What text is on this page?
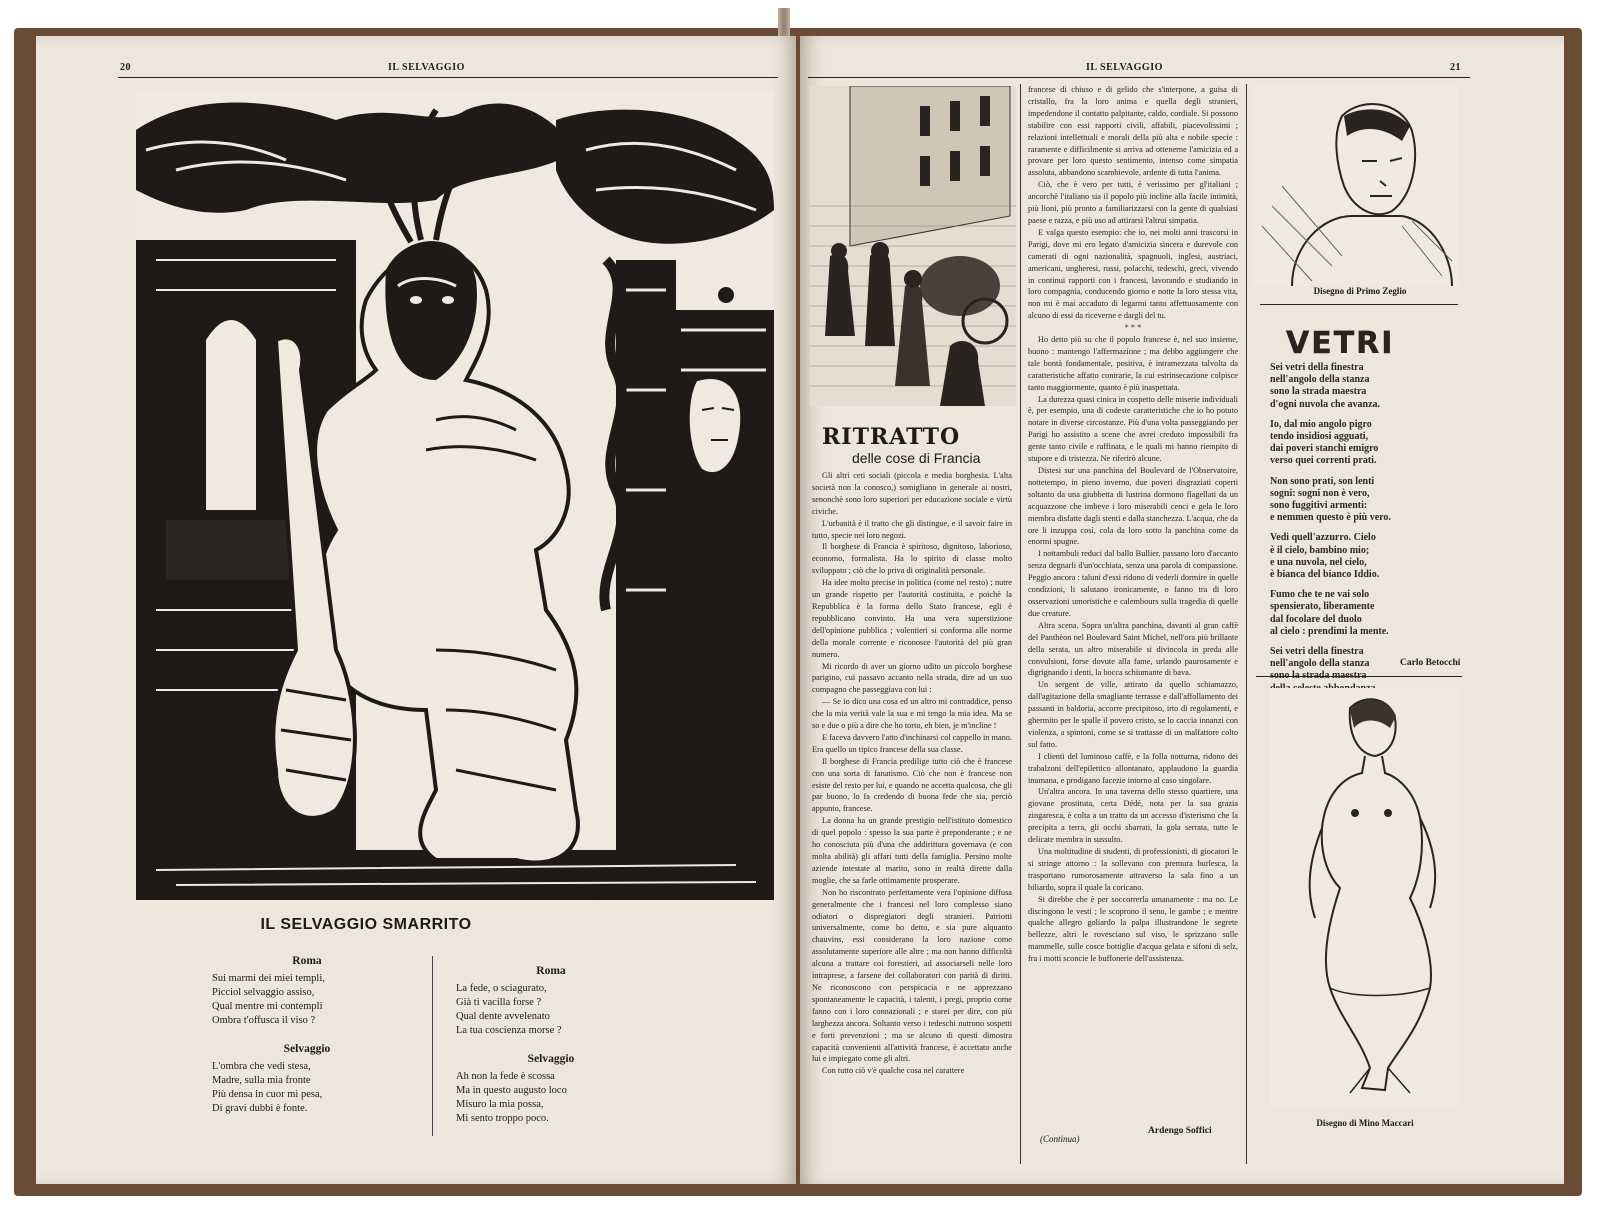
20	IL SELVAGGIO
R
Linoleum di Enzo Righetti
IL SELVAGGIO SMARRITO
Roma
Sui marmi dei miei templi,
Picciol selvaggio assiso,
Qual mentre mi contempli
Ombra t'offusca il viso ?
Selvaggio
L'ombra che vedi stesa,
Madre, sulla mia fronte
Più densa in cuor mi pesa,
Di gravi dubbi è fonte.
Roma
La fede, o sciagurato,
Già ti vacilla forse ?
Qual dente avvelenato
La tua coscienza morse ?
Selvaggio
Ah non la fede è scossa
Ma in questo augusto loco
Misuro la mia possa,
Mi sento troppo poco.
IL SELVAGGIO	21
RITRATTO
delle cose di Francia

Gli altri ceti sociali (piccola e media borghesia. L'alta società non la conosco,) somigliano in generale ai nostri, senonchè sono loro superiori per educazione sociale e virtù civiche.

L'urbanità è il tratto che gli distingue, e il savoir faire in tutto, specie nei loro negozi.

Il borghese di Francia è spiritoso, dignitoso, laborioso, economo, formalista. Ha lo spirito di classe molto sviluppato ; ciò che lo priva di originalità personale.

Ha idee molto precise in politica (come nel resto) ; nutre un grande rispetto per l'autorità costituita, e poichè la Repubblica è la forma dello Stato francese, egli è repubblicano convinto. Ha una vera superstizione dell'opinione pubblica ; volentieri si conforma alle norme della morale corrente e riconosce l'autorità del più gran numero.

Mi ricordo di aver un giorno udito un piccolo borghese parigino, cui passavo accanto nella strada, dire ad un suo compagno che passeggiava con lui :

— Se io dico una cosa ed un altro mi contraddice, penso che la mia verità vale la sua e mi tengo la mia idea. Ma se so e due o più a dire che ho torto, eh bien, je m'incline !

E faceva davvero l'atto d'inchinarsi col cappello in mano. Era quello un tipico francese della sua classe.

Il borghese di Francia predilige tutto ciò che è francese con una sorta di fanatismo. Ciò che non è francese non esiste del resto per lui, e quando ne accetta qualcosa, che gli par buono, lo fa credendo di buona fede che sia, perciò appunto, francese.

La donna ha un grande prestigio nell'istituto domestico di quel popolo : spesso la sua parte è preponderante ; e ne ho conosciuta più d'una che addirittura governava (e con molta abilità) gli affari tutti della famiglia. Persino molte aziende intestate al marito, sono in realtà dirette dalla moglie, che sa farle ottimamente prosperare.

Non ho riscontrato perfettamente vera l'opinione diffusa generalmente che i francesi nel loro complesso siano odiatori o dispregiatori degli stranieri. Patriotti universalmente, come ho detto, e sia pure alquanto chauvins, essi considerano la loro nazione come assolutamente superiore alle altre ; ma non hanno difficoltà alcuna a trattare coi forestieri, ad associarseli nelle loro intraprese, a farsene dei collaboratori con parità di diritti. Ne riconoscono con perspicacia e ne apprezzano spontaneamente le capacità, i talenti, i pregi, proprio come fanno con i loro connazionali ; e starei per dire, con più larghezza ancora. Soltanto verso i tedeschi nutrono sospetti e forti prevenzioni ; ma se alcuno di questi dimostra capacità convenienti all'attività francese, è accettato anche lui e impiegato come gli altri.

Con tutto ciò v'è qualche cosa nel carattere

francese di chiuso e di gelido che s'interpone, a guisa di cristallo, fra la loro anima e quella degli stranieri, impedendone il contatto palpitante, caldo, cordiale. Si possono stabilire con essi rapporti civili, affabili, piacevolissimi ; relazioni intellettuali e morali della più alta e nobile specie : raramente e difficilmente si arriva ad ottenerne l'amicizia ed a provare per loro questo sentimento, intenso come simpatia assoluta, abbandono scambievole, ardente di tutta l'anima.

Ciò, che è vero per tutti, è verissimo per gl'italiani ; ancorchè l'italiano sia il popolo più incline alla facile intimità, più lioni, più pronto a familiarizzarsi con la gente di qualsiasi paese e razza, e più uso ad attirarsi l'altrui simpatia.

E valga questo esempio: che io, nei molti anni trascorsi in Parigi, dove mi ero legato d'amicizia sincera e durevole con camerati di ogni nazionalità, spagnuoli, inglesi, austriaci, americani, ungheresi, russi, polacchi, tedeschi, greci, vivendo in continui rapporti con i francesi, lavorando e studiando in loro compagnia, conducendo giorno e notte la loro stessa vita, non mi è mai accaduto di legarmi tanto affettuosamente con alcuno di essi da riceverne e dargli del tu.

* * *

Ho detto più su che il popolo francese è, nel suo insieme, buono : mantengo l'affermazione ; ma debbo aggiungere che tale bontà fondamentale, positiva, è intramezzata talvolta da caratteristiche affatto contrarie, la cui estrinsecazione colpisce tanto maggiormente, quanto è più inaspettata.

La durezza quasi cinica in cospetto delle miserie individuali è, per esempio, una di codeste caratteristiche che io ho potuto notare in diverse circostanze. Più d'una volta passeggiando per Parigi ho assistito a scene che avrei creduto impossibili fra gente tanto civile e raffinata, e le quali mi hanno riempito di stupore e di tristezza. Ne riferirò alcune.

Distesi sur una panchina del Boulevard de l'Observatoire, nottetempo, in pieno inverno, due poveri disgraziati coperti soltanto da una giubbetta di lustrina dormono flagellati da un acquazzone che imbeve i loro miserabili cenci e gela le loro membra disfatte dagli stenti e dalla stanchezza. L'acqua, che da ore li inzuppa così, cola da loro sotto la panchina come da enormi spugne.

I nottambuli reduci dal ballo Bullier, passano loro d'accanto senza degnarli d'un'occhiata, senza una parola di compassione. Peggio ancora : taluni d'essi ridono di vederli dormire in quelle condizioni, li salutano ironicamente, o fanno tra di loro osservazioni umoristiche e calembours sulla tragedia di quelle due creature.

Altra scena. Sopra un'altra panchina, davanti al gran caffè del Panthèon nel Boulevard Saint Michel, nell'ora più brillante della serata, un altro miserabile si divincola in preda alle convulsioni, forse dovute alla fame, urlando paurosamente e digrignando i denti, la bocca schiumante di bava.

Un sergent de ville, attirato da quello schiamazzo, dall'agitazione della smagliante terrasse e dall'affollamento dei passanti in baldoria, accorre precipitoso, irto di regolamenti, e ghermito per le spalle il povero cristo, se lo caccia innanzi con violenza, a spintoni, come se si trattasse di un malfattore colto sul fatto.

I clienti del luminoso caffè, e la folla notturna, ridono dei trabalzoni dell'epilettico allontanato, applaudono la guardia inumana, e prodigano facezie intorno al caso singolare.

Un'altra ancora. In una taverna dello stesso quartiere, una giovane prostituta, certa Dédé, nota per la sua grazia zingaresca, è colta a un tratto da un accesso d'isterismo che la precipita a terra, gli occhi sbarrati, la gola serrata, tutte le delicate membra in sussulto.

Una moltitudine di studenti, di professionisti, di giocatori le si stringe attorno : la sollevano con premura burlesca, la trasportano rumorosamente attraverso la sala fino a un biliardo, sopra il quale la coricano.

Si direbbe che è per soccorrerla umanamente : ma no. Le discingono le vesti ; le scoprono il seno, le gambe ; e mentre qualche allegro goliardo la palpa illustrandone le segrete bellezze, altri le rovesciano sul viso, le sprizzano sulle mammelle, sulle cosce bottiglie d'acqua gelata e sifoni di selz, fra i motti sconcie le buffonerie dell'assistenza.

(Continua)
Ardengo Soffici
Disegno di Primo Zeglio
VETRI
Sei vetri della finestra
nell'angolo della stanza
sono la strada maestra
d'ogni nuvola che avanza.
Io, dal mio angolo pigro
tendo insidiosi agguati,
dai poveri stanchi emigro
verso quei correnti prati.
Non sono prati, son lenti
sogni: sogni non è vero,
sono fuggitivi armenti:
e nemmen questo è più vero.
Vedi quell'azzurro. Cielo
è il cielo, bambino mio;
e una nuvola, nel cielo,
è bianca del bianco Iddio.
Fumo che te ne vai solo
spensierato, liberamente
dal focolare del duolo
al cielo : prendimi la mente.
Sei vetri della finestra
nell'angolo della stanza
sono la strada maestra
Carlo Betocchi
Disegno di Mino Maccari
